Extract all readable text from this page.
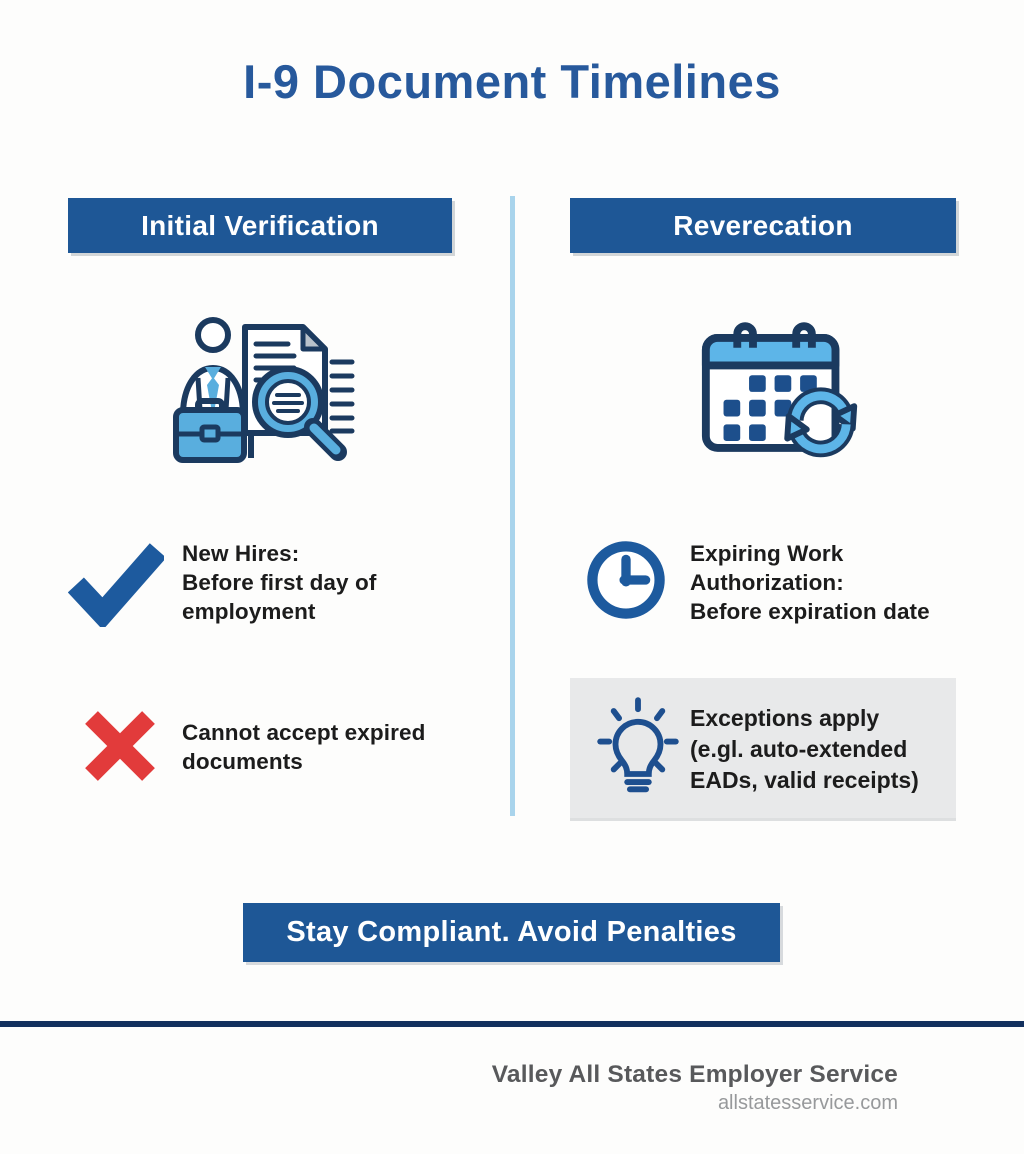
I-9 Document Timelines
Initial Verification	Reverecation
New Hires:
Before first day of
employment
Cannot accept expired
documents
Expiring Work
Authorization:
Before expiration date
Exceptions apply
(e.gl. auto-extended
EADs, valid receipts)
Stay Compliant. Avoid Penalties
Valley All States Employer Service
allstatesservice.com
